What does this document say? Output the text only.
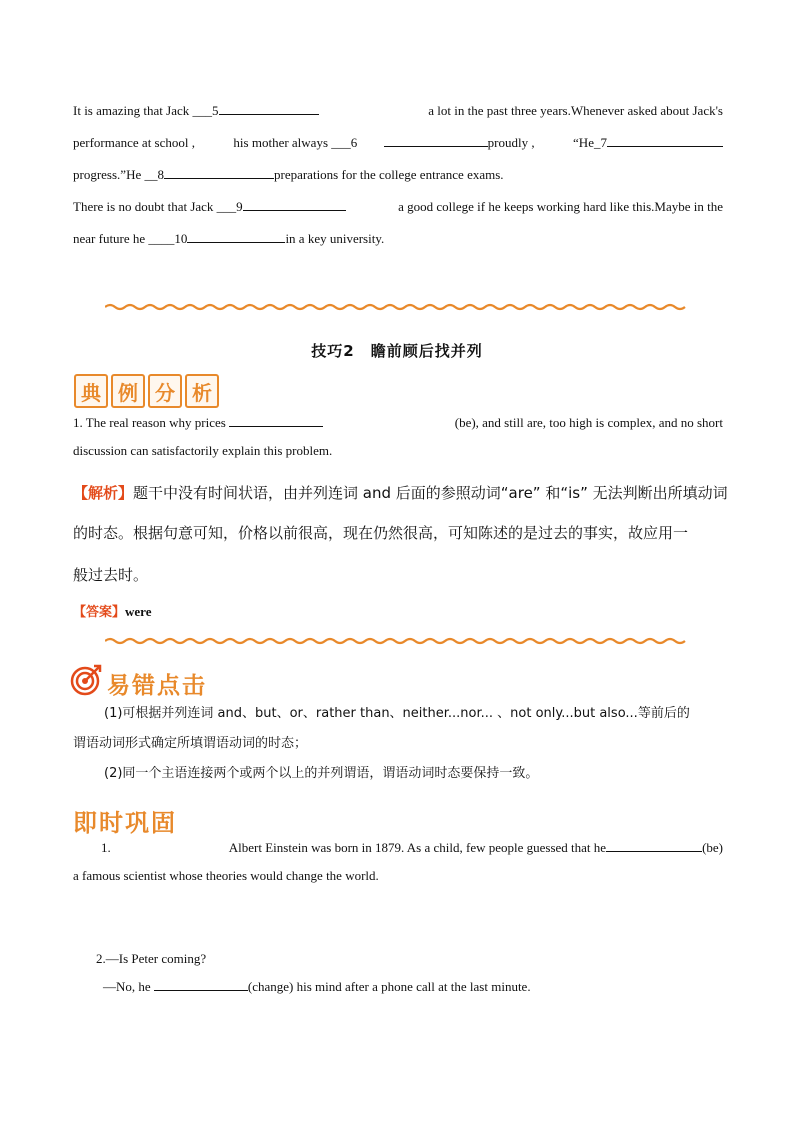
It is amazing that Jack ___5	a lot in the past three years.Whenever asked about Jack's
performance at school ,	his mother always ___6	proudly ,	“He_7
progress.”He __8	preparations for the college entrance exams.
There is no doubt that Jack ___9	a good college if he keeps working hard like this.Maybe in the
near future he ____10	in a key university.
技巧2　瞻前顾后找并列
典 例 分 析
1. The real reason why prices	(be), and still are, too high is complex, and no short
discussion can satisfactorily explain this problem.
【解析】题干中没有时间状语，由并列连词 and 后面的参照动词“are” 和“is” 无法判断出所填动词
的时态。根据句意可知，价格以前很高，现在仍然很高，可知陈述的是过去的事实，故应用一
般过去时。
【答案】were
易错点击
(1)可根据并列连词 and、but、or、rather than、neither...nor... 、not only...but also...等前后的
谓语动词形式确定所填谓语动词的时态；
(2)同一个主语连接两个或两个以上的并列谓语，谓语动词时态要保持一致。
即时巩固
1.	Albert Einstein was born in 1879. As a child, few people guessed that he	(be)
a famous scientist whose theories would change the world.
2.—Is Peter coming?
—No, he	(change) his mind after a phone call at the last minute.
